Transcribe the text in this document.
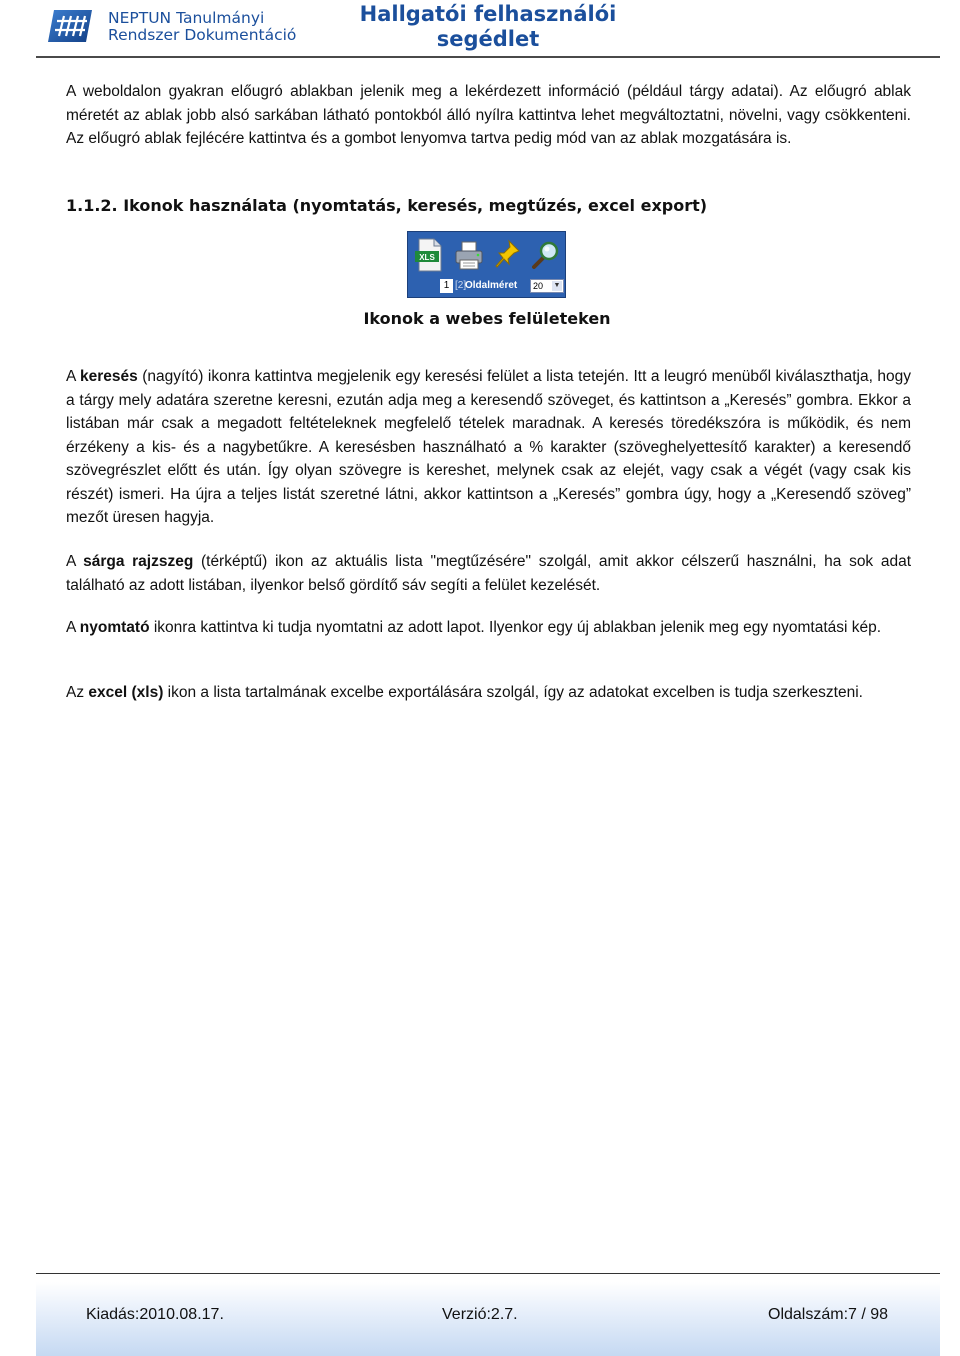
NEPTUN Tanulmányi
Rendszer Dokumentáció
Hallgatói felhasználói
segédlet
A weboldalon gyakran előugró ablakban jelenik meg a lekérdezett információ (például tárgy adatai). Az előugró ablak méretét az ablak jobb alsó sarkában látható pontokból álló nyílra kattintva lehet megváltoztatni, növelni, vagy csökkenteni. Az előugró ablak fejlécére kattintva és a gombot lenyomva tartva pedig mód van az ablak mozgatására is.
1.1.2. Ikonok használata (nyomtatás, keresés, megtűzés, excel export)
XLS
1 [2]
Oldalméret	20 ▼
Ikonok a webes felületeken
A keresés (nagyító) ikonra kattintva megjelenik egy keresési felület a lista tetején. Itt a leugró menüből kiválaszthatja, hogy a tárgy mely adatára szeretne keresni, ezután adja meg a keresendő szöveget, és kattintson a „Keresés” gombra. Ekkor a listában már csak a megadott feltételeknek megfelelő tételek maradnak. A keresés töredékszóra is működik, és nem érzékeny a kis- és a nagybetűkre. A keresésben használható a % karakter (szöveghelyettesítő karakter) a keresendő szövegrészlet előtt és után. Így olyan szövegre is kereshet, melynek csak az elejét, vagy csak a végét (vagy csak kis részét) ismeri. Ha újra a teljes listát szeretné látni, akkor kattintson a „Keresés” gombra úgy, hogy a „Keresendő szöveg” mezőt üresen hagyja.
A sárga rajzszeg (térképtű) ikon az aktuális lista "megtűzésére" szolgál, amit akkor célszerű használni, ha sok adat található az adott listában, ilyenkor belső gördítő sáv segíti a felület kezelését.
A nyomtató ikonra kattintva ki tudja nyomtatni az adott lapot. Ilyenkor egy új ablakban jelenik meg egy nyomtatási kép.
Az excel (xls) ikon a lista tartalmának excelbe exportálására szolgál, így az adatokat excelben is tudja szerkeszteni.
Kiadás:2010.08.17.	Verzió:2.7.	Oldalszám:7 / 98
